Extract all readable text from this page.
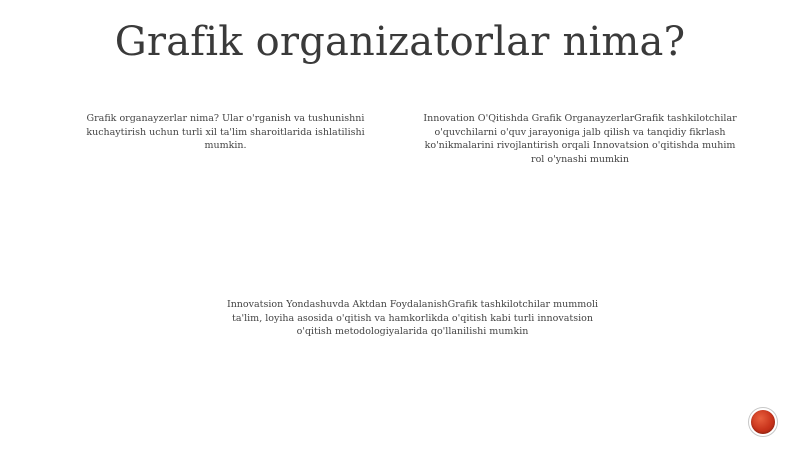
Grafik organizatorlar nima?
Grafik organayzerlar nima? Ular o'rganish va tushunishni kuchaytirish uchun turli xil ta'lim sharoitlarida ishlatilishi mumkin.
Innovation O'Qitishda Grafik OrganayzerlarGrafik tashkilotchilar o'quvchilarni o'quv jarayoniga jalb qilish va tanqidiy fikrlash ko'nikmalarini rivojlantirish orqali Innovatsion o'qitishda muhim rol o'ynashi mumkin
Innovatsion Yondashuvda Aktdan FoydalanishGrafik tashkilotchilar mummoli ta'lim, loyiha asosida o'qitish va hamkorlikda o'qitish kabi turli innovatsion o'qitish metodologiyalarida qo'llanilishi mumkin
